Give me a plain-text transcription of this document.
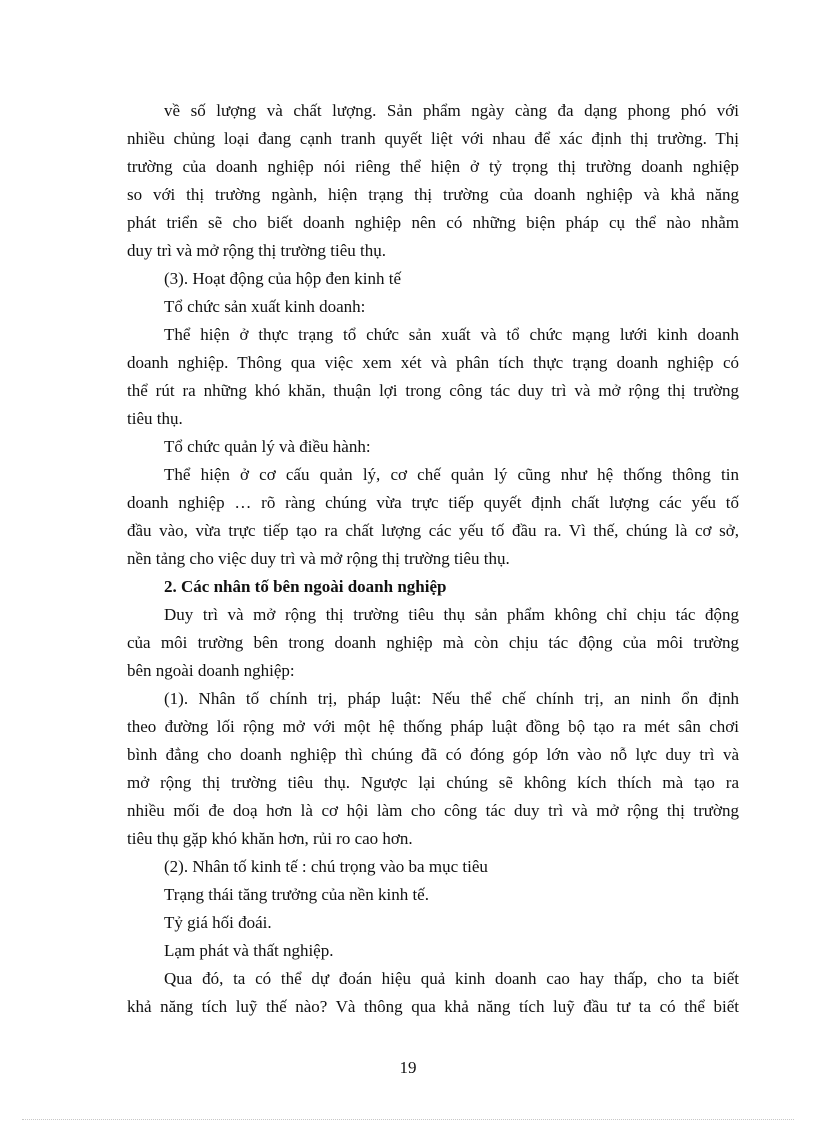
về số lượng và chất lượng. Sản phẩm ngày càng đa dạng phong phó với
nhiều chủng loại đang cạnh tranh quyết liệt với nhau để xác định thị trường. Thị
trường của doanh nghiệp nói riêng thể hiện ở tỷ trọng thị trường doanh nghiệp
so với thị trường ngành, hiện trạng thị trường của doanh nghiệp và khả năng
phát triển sẽ cho biết doanh nghiệp nên có những biện pháp cụ thể nào nhằm
duy trì và mở rộng thị trường tiêu thụ.
(3). Hoạt động của hộp đen kinh tế
Tổ chức sản xuất kinh doanh:
Thể hiện ở thực trạng tổ chức sản xuất và tổ chức mạng lưới kinh doanh
doanh nghiệp. Thông qua việc xem xét và phân tích thực trạng doanh nghiệp có
thể rút ra những khó khăn, thuận lợi trong công tác duy trì và mở rộng thị trường
tiêu thụ.
Tổ chức quản lý và điều hành:
Thể hiện ở cơ cấu quản lý, cơ chế quản lý cũng như hệ thống thông tin
doanh nghiệp … rõ ràng chúng vừa trực tiếp quyết định chất lượng các yếu tố
đầu vào, vừa trực tiếp tạo ra chất lượng các yếu tố đầu ra. Vì thế, chúng là cơ sở,
nền tảng cho việc duy trì và mở rộng thị trường tiêu thụ.
2. Các nhân tố bên ngoài doanh nghiệp
Duy trì và mở rộng thị trường tiêu thụ sản phẩm không chỉ chịu tác động
của môi trường bên trong doanh nghiệp mà còn chịu tác động của môi trường
bên ngoài doanh nghiệp:
(1). Nhân tố chính trị, pháp luật: Nếu thể chế chính trị, an ninh ổn định
theo đường lối rộng mở với một hệ thống pháp luật đồng bộ tạo ra mét sân chơi
bình đẳng cho doanh nghiệp thì chúng đã có đóng góp lớn vào nỗ lực duy trì và
mở rộng thị trường tiêu thụ. Ngược lại chúng sẽ không kích thích mà tạo ra
nhiều mối đe doạ hơn là cơ hội làm cho công tác duy trì và mở rộng thị trường
tiêu thụ gặp khó khăn hơn, rủi ro cao hơn.
(2). Nhân tố kinh tế : chú trọng vào ba mục tiêu
Trạng thái tăng trưởng của nền kinh tế.
Tỷ giá hối đoái.
Lạm phát và thất nghiệp.
Qua đó, ta có thể dự đoán hiệu quả kinh doanh cao hay thấp, cho ta biết
khả năng tích luỹ thế nào? Và thông qua khả năng tích luỹ đầu tư ta có thể biết
19
